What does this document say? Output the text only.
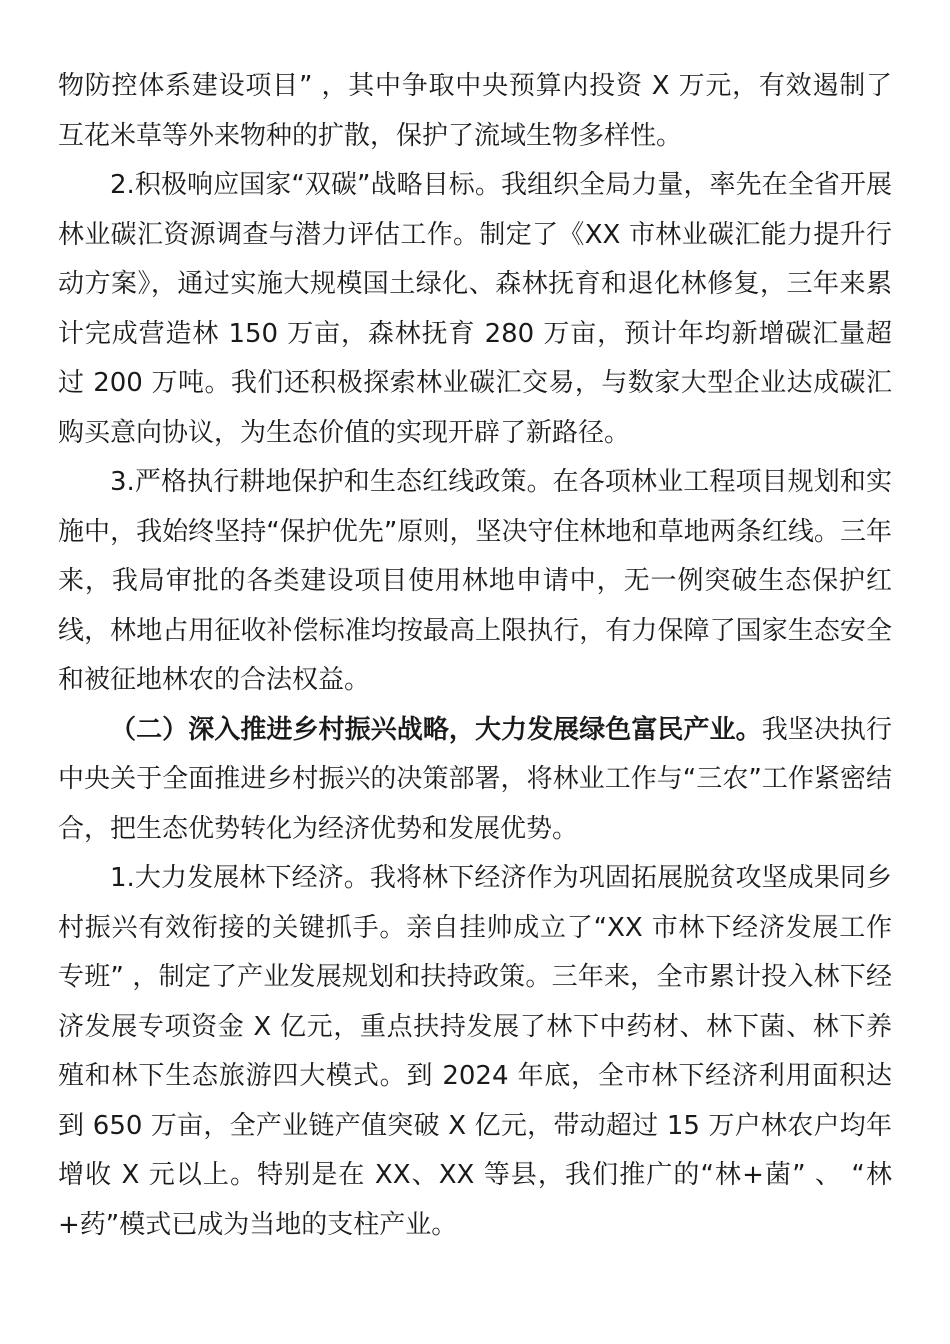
物防控体系建设项目” ，其中争取中央预算内投资 X 万元，有效遏制了互花米草等外来物种的扩散，保护了流域生物多样性。

2.积极响应国家“双碳”战略目标。我组织全局力量，率先在全省开展林业碳汇资源调查与潜力评估工作。制定了《XX 市林业碳汇能力提升行动方案》，通过实施大规模国土绿化、森林抚育和退化林修复，三年来累计完成营造林 150 万亩，森林抚育 280 万亩，预计年均新增碳汇量超过 200 万吨。我们还积极探索林业碳汇交易，与数家大型企业达成碳汇购买意向协议，为生态价值的实现开辟了新路径。

3.严格执行耕地保护和生态红线政策。在各项林业工程项目规划和实施中，我始终坚持“保护优先”原则，坚决守住林地和草地两条红线。三年来，我局审批的各类建设项目使用林地申请中，无一例突破生态保护红线，林地占用征收补偿标准均按最高上限执行，有力保障了国家生态安全和被征地林农的合法权益。

（二）深入推进乡村振兴战略，大力发展绿色富民产业。我坚决执行中央关于全面推进乡村振兴的决策部署，将林业工作与“三农”工作紧密结合，把生态优势转化为经济优势和发展优势。

1.大力发展林下经济。我将林下经济作为巩固拓展脱贫攻坚成果同乡村振兴有效衔接的关键抓手。亲自挂帅成立了“XX 市林下经济发展工作专班” ，制定了产业发展规划和扶持政策。三年来，全市累计投入林下经济发展专项资金 X 亿元，重点扶持发展了林下中药材、林下菌、林下养殖和林下生态旅游四大模式。到 2024 年底，全市林下经济利用面积达到 650 万亩，全产业链产值突破 X 亿元，带动超过 15 万户林农户均年增收 X 元以上。特别是在 XX、XX 等县，我们推广的“林+菌” 、 “林+药”模式已成为当地的支柱产业。
